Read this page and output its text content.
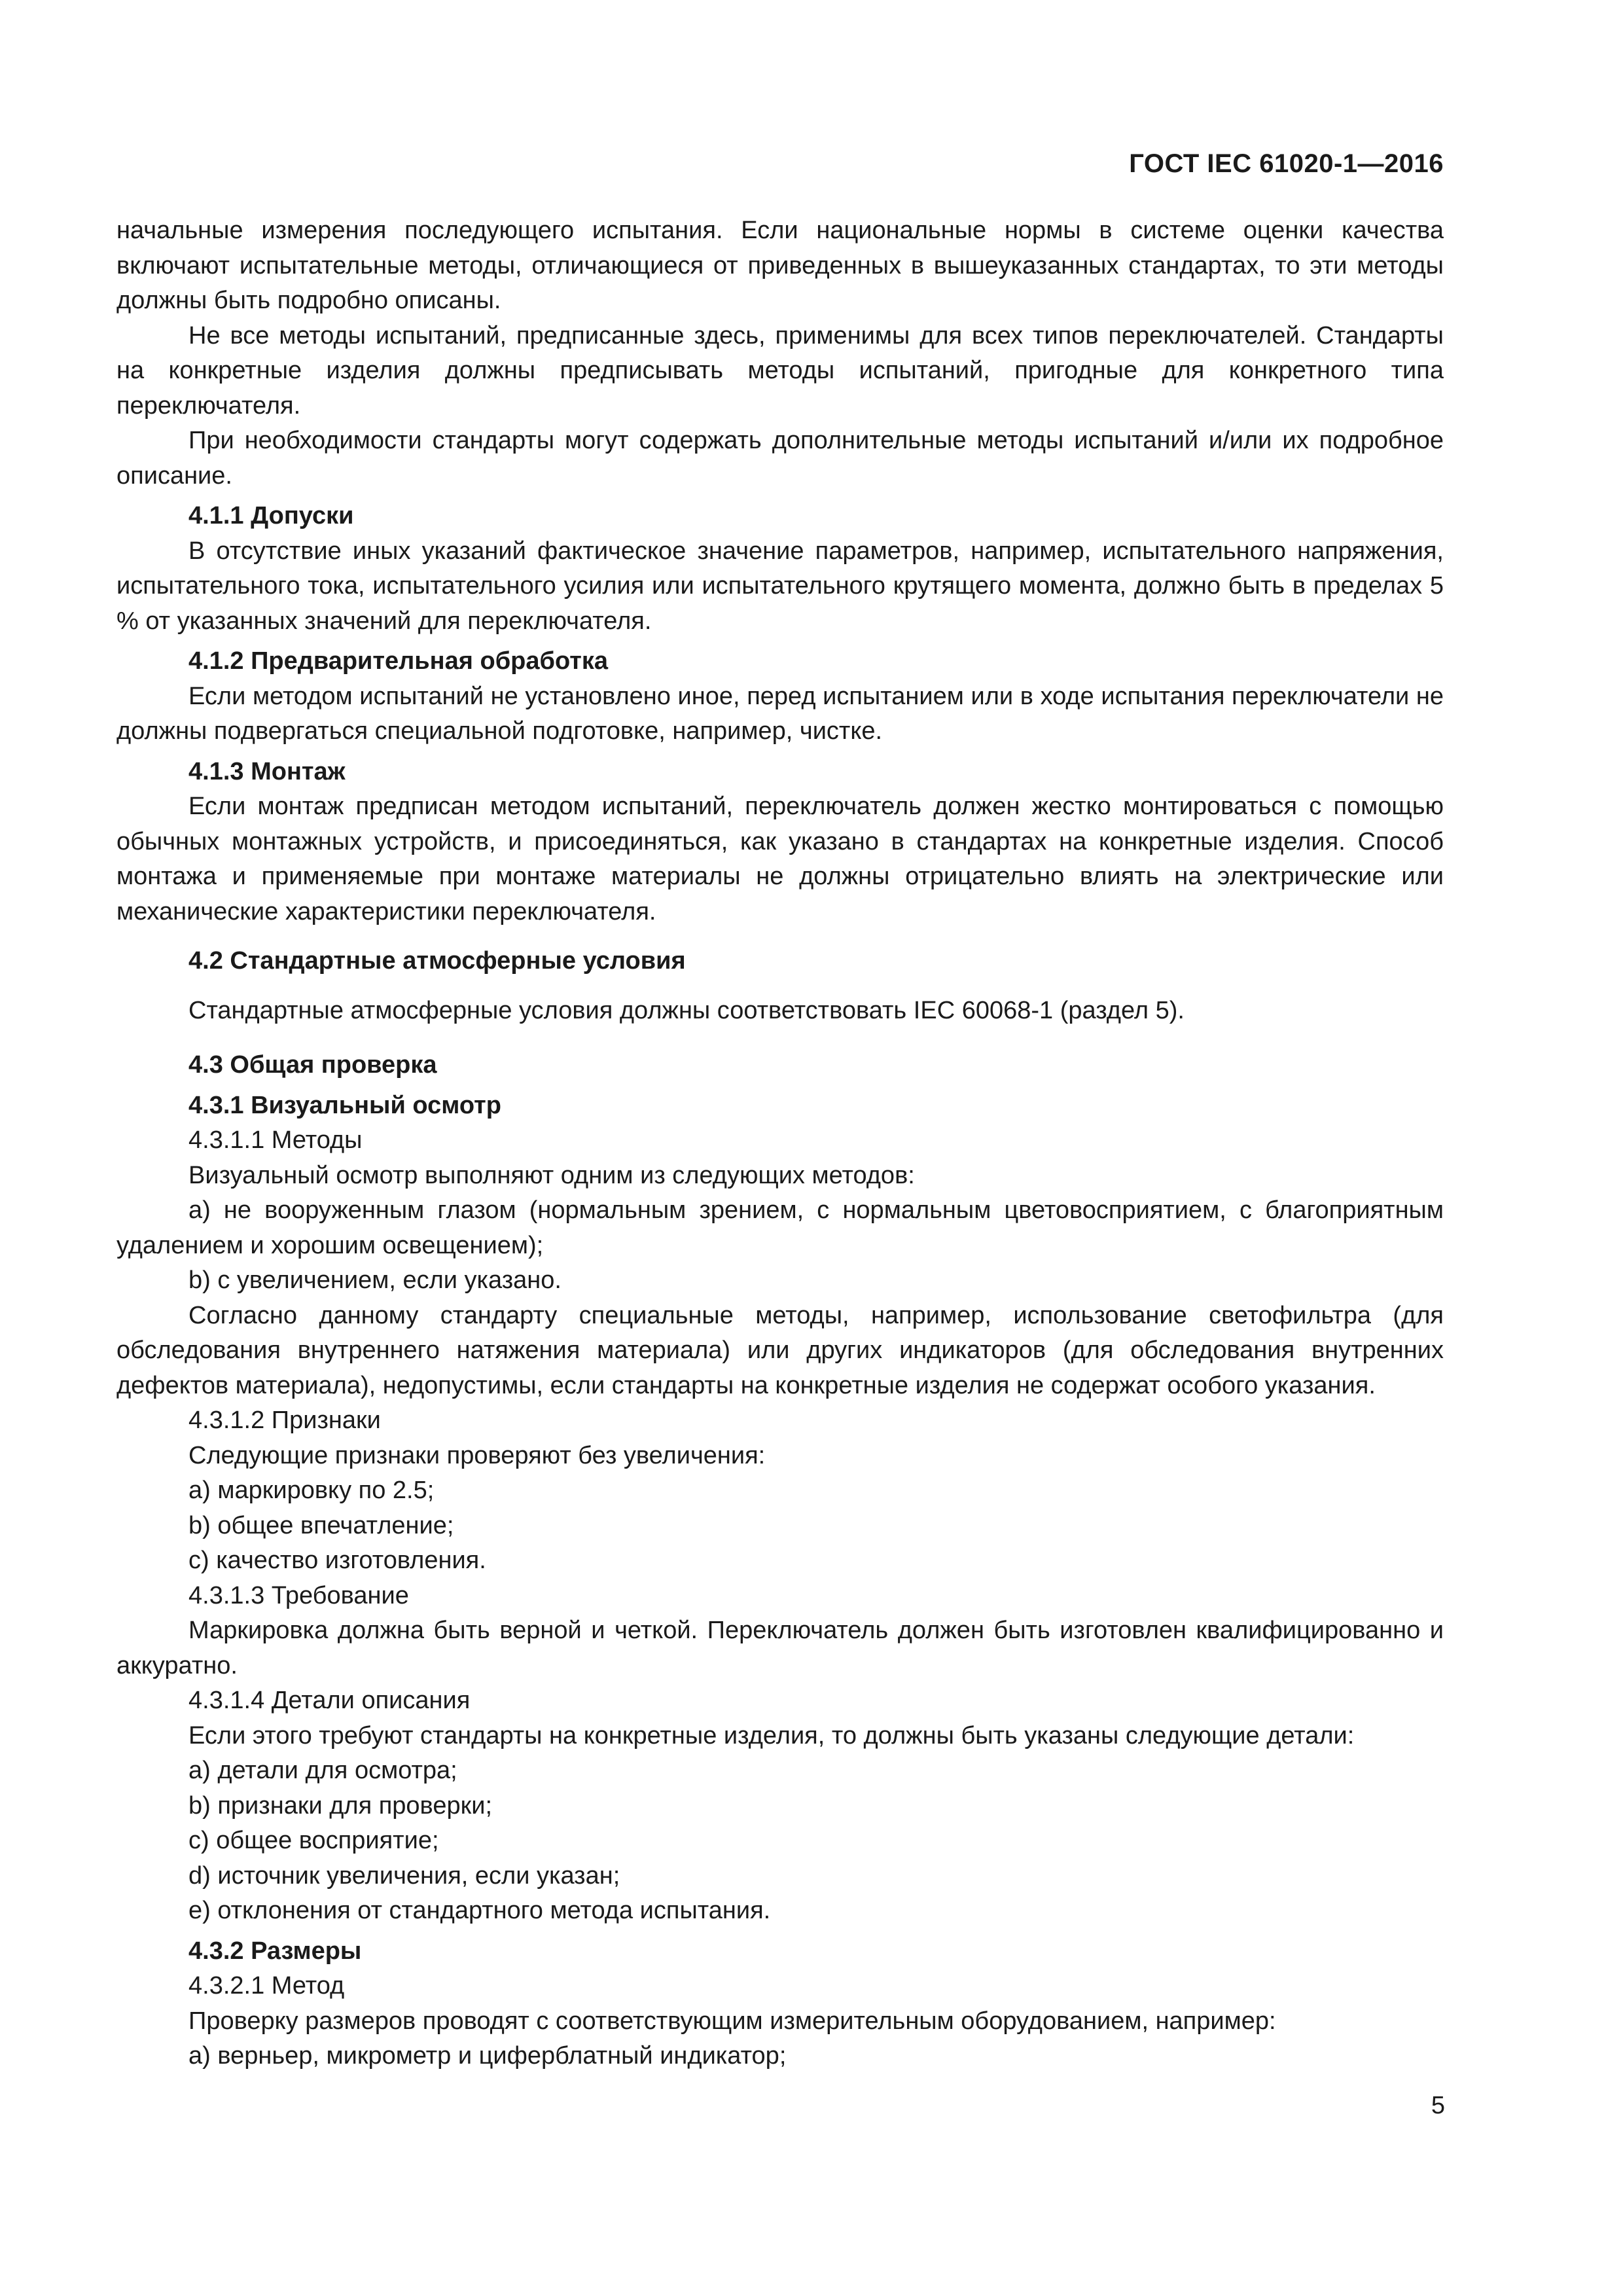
ГОСТ IEC 61020-1—2016
начальные измерения последующего испытания. Если национальные нормы в системе оценки качества включают испытательные методы, отличающиеся от приведенных в вышеуказанных стандартах, то эти методы должны быть подробно описаны.
Не все методы испытаний, предписанные здесь, применимы для всех типов переключателей. Стандарты на конкретные изделия должны предписывать методы испытаний, пригодные для конкретного типа переключателя.
При необходимости стандарты могут содержать дополнительные методы испытаний и/или их подробное описание.
4.1.1 Допуски
В отсутствие иных указаний фактическое значение параметров, например, испытательного напряжения, испытательного тока, испытательного усилия или испытательного крутящего момента, должно быть в пределах 5 % от указанных значений для переключателя.
4.1.2 Предварительная обработка
Если методом испытаний не установлено иное, перед испытанием или в ходе испытания переключатели не должны подвергаться специальной подготовке, например, чистке.
4.1.3 Монтаж
Если монтаж предписан методом испытаний, переключатель должен жестко монтироваться с помощью обычных монтажных устройств, и присоединяться, как указано в стандартах на конкретные изделия. Способ монтажа и применяемые при монтаже материалы не должны отрицательно влиять на электрические или механические характеристики переключателя.
4.2 Стандартные атмосферные условия
Стандартные атмосферные условия должны соответствовать IEC 60068-1 (раздел 5).
4.3 Общая проверка
4.3.1 Визуальный осмотр
4.3.1.1 Методы
Визуальный осмотр выполняют одним из следующих методов:
a) не вооруженным глазом (нормальным зрением, с нормальным цветовосприятием, с благоприятным удалением и хорошим освещением);
b) с увеличением, если указано.
Согласно данному стандарту специальные методы, например, использование светофильтра (для обследования внутреннего натяжения материала) или других индикаторов (для обследования внутренних дефектов материала), недопустимы, если стандарты на конкретные изделия не содержат особого указания.
4.3.1.2 Признаки
Следующие признаки проверяют без увеличения:
a) маркировку по 2.5;
b) общее впечатление;
c) качество изготовления.
4.3.1.3 Требование
Маркировка должна быть верной и четкой. Переключатель должен быть изготовлен квалифицированно и аккуратно.
4.3.1.4 Детали описания
Если этого требуют стандарты на конкретные изделия, то должны быть указаны следующие детали:
a) детали для осмотра;
b) признаки для проверки;
c) общее восприятие;
d) источник увеличения, если указан;
e) отклонения от стандартного метода испытания.
4.3.2 Размеры
4.3.2.1 Метод
Проверку размеров проводят с соответствующим измерительным оборудованием, например:
a) верньер, микрометр и циферблатный индикатор;
5
